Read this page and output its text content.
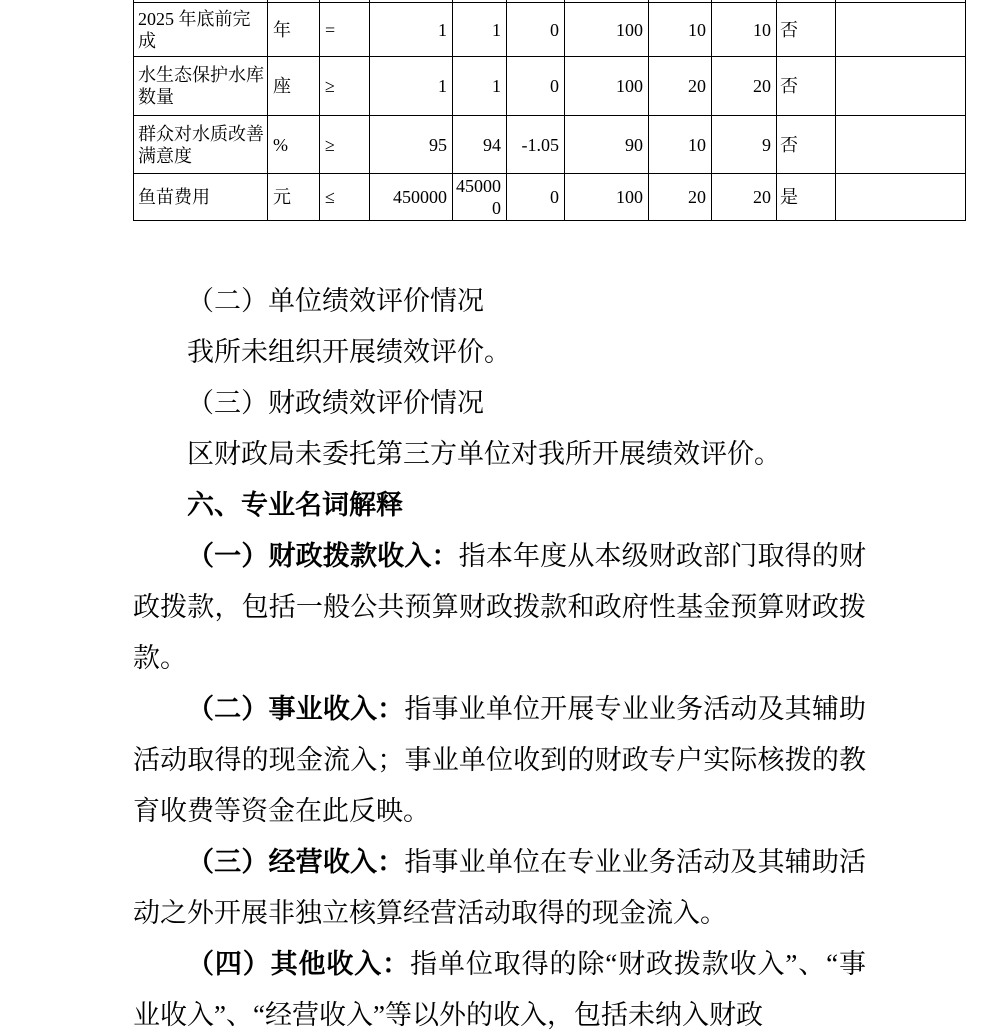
2025 年底前完成	年	=	1	1	0	100	10	10	否	
水生态保护水库数量	座	≥	1	1	0	100	20	20	否	
群众对水质改善满意度	%	≥	95	94	-1.05	90	10	9	否	
鱼苗费用	元	≤	450000	450000	0	100	20	20	是	

（二）单位绩效评价情况

我所未组织开展绩效评价。

（三）财政绩效评价情况

区财政局未委托第三方单位对我所开展绩效评价。

六、专业名词解释

（一）财政拨款收入：指本年度从本级财政部门取得的财政拨款，包括一般公共预算财政拨款和政府性基金预算财政拨款。

（二）事业收入：指事业单位开展专业业务活动及其辅助活动取得的现金流入；事业单位收到的财政专户实际核拨的教育收费等资金在此反映。

（三）经营收入：指事业单位在专业业务活动及其辅助活动之外开展非独立核算经营活动取得的现金流入。

（四）其他收入：指单位取得的除“财政拨款收入”、“事业收入”、“经营收入”等以外的收入，包括未纳入财政
